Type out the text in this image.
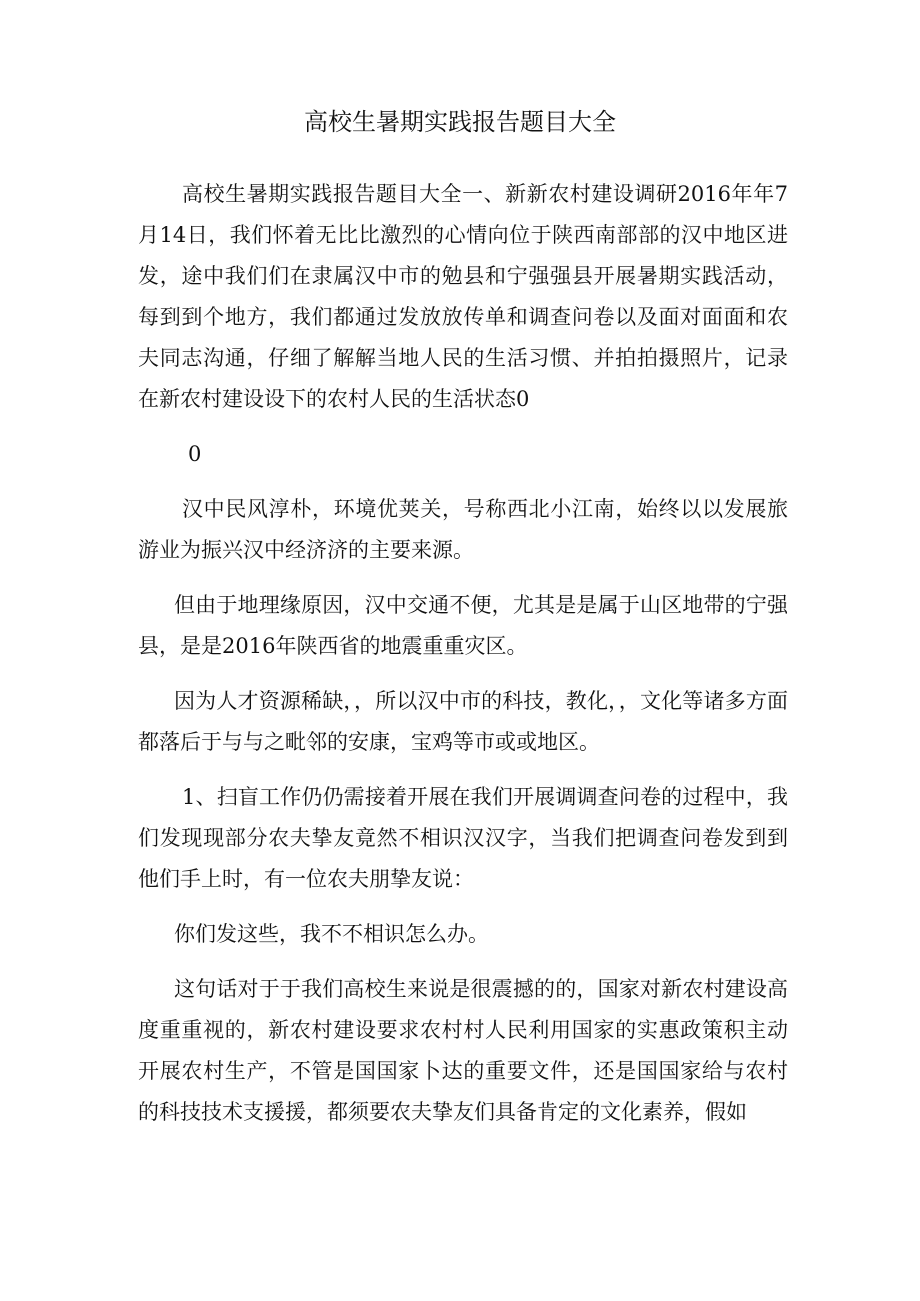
高校生暑期实践报告题目大全

高校生暑期实践报告题目大全一、新新农村建设调研2016年年7月14日，我们怀着无比比激烈的心情向位于陕西南部部的汉中地区进发，途中我们们在隶属汉中市的勉县和宁强强县开展暑期实践活动，每到到个地方，我们都通过发放放传单和调查问卷以及面对面面和农夫同志沟通，仔细了解解当地人民的生活习惯、并拍拍摄照片，记录在新农村建设设下的农村人民的生活状态0

0

汉中民风淳朴，环境优荚关，号称西北小江南，始终以以发展旅游业为振兴汉中经济济的主要来源。

但由于地理缘原因，汉中交通不便，尤其是是属于山区地带的宁强县，是是2016年陕西省的地震重重灾区。

因为人才资源稀缺，，所以汉中市的科技，教化，，文化等诸多方面都落后于与与之毗邻的安康，宝鸡等市或或地区。

1、扫盲工作仍仍需接着开展在我们开展调调查问卷的过程中，我们发现现部分农夫挚友竟然不相识汉汉字，当我们把调查问卷发到到他们手上时，有一位农夫朋挚友说：

你们发这些，我不不相识怎么办。

这句话对于于我们高校生来说是很震撼的的，国家对新农村建设高度重重视的，新农村建设要求农村村人民利用国家的实惠政策积主动开展农村生产，不管是国国家卜达的重要文件，还是国国家给与农村的科技技术支援援，都须要农夫挚友们具备肯定的文化素养，假如
